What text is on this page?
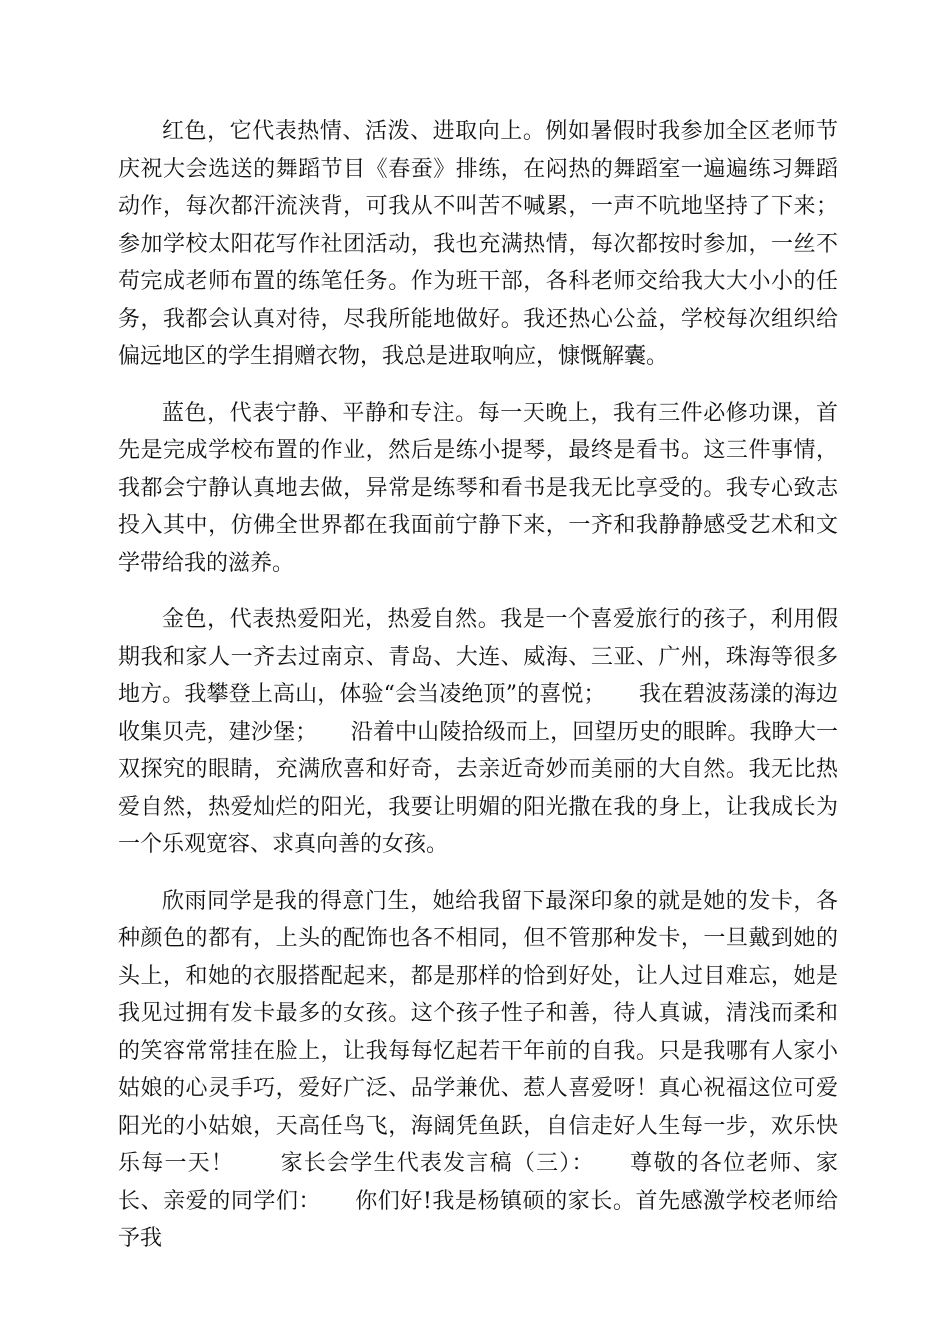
红色，它代表热情、活泼、进取向上。例如暑假时我参加全区老师节庆祝大会选送的舞蹈节目《春蚕》排练，在闷热的舞蹈室一遍遍练习舞蹈动作，每次都汗流浃背，可我从不叫苦不喊累，一声不吭地坚持了下来；参加学校太阳花写作社团活动，我也充满热情，每次都按时参加，一丝不苟完成老师布置的练笔任务。作为班干部，各科老师交给我大大小小的任务，我都会认真对待，尽我所能地做好。我还热心公益，学校每次组织给偏远地区的学生捐赠衣物，我总是进取响应，慷慨解囊。

蓝色，代表宁静、平静和专注。每一天晚上，我有三件必修功课，首先是完成学校布置的作业，然后是练小提琴，最终是看书。这三件事情，我都会宁静认真地去做，异常是练琴和看书是我无比享受的。我专心致志投入其中，仿佛全世界都在我面前宁静下来，一齐和我静静感受艺术和文学带给我的滋养。

金色，代表热爱阳光，热爱自然。我是一个喜爱旅行的孩子，利用假期我和家人一齐去过南京、青岛、大连、威海、三亚、广州，珠海等很多地方。我攀登上高山，体验“会当凌绝顶”的喜悦；　　我在碧波荡漾的海边收集贝壳，建沙堡；　　沿着中山陵拾级而上，回望历史的眼眸。我睁大一双探究的眼睛，充满欣喜和好奇，去亲近奇妙而美丽的大自然。我无比热爱自然，热爱灿烂的阳光，我要让明媚的阳光撒在我的身上，让我成长为一个乐观宽容、求真向善的女孩。

欣雨同学是我的得意门生，她给我留下最深印象的就是她的发卡，各种颜色的都有，上头的配饰也各不相同，但不管那种发卡，一旦戴到她的头上，和她的衣服搭配起来，都是那样的恰到好处，让人过目难忘，她是我见过拥有发卡最多的女孩。这个孩子性子和善，待人真诚，清浅而柔和的笑容常常挂在脸上，让我每每忆起若干年前的自我。只是我哪有人家小姑娘的心灵手巧，爱好广泛、品学兼优、惹人喜爱呀！真心祝福这位可爱阳光的小姑娘，天高任鸟飞，海阔凭鱼跃，自信走好人生每一步，欢乐快乐每一天！　　家长会学生代表发言稿（三）：　　尊敬的各位老师、家长、亲爱的同学们：　　你们好!我是杨镇硕的家长。首先感激学校老师给予我
